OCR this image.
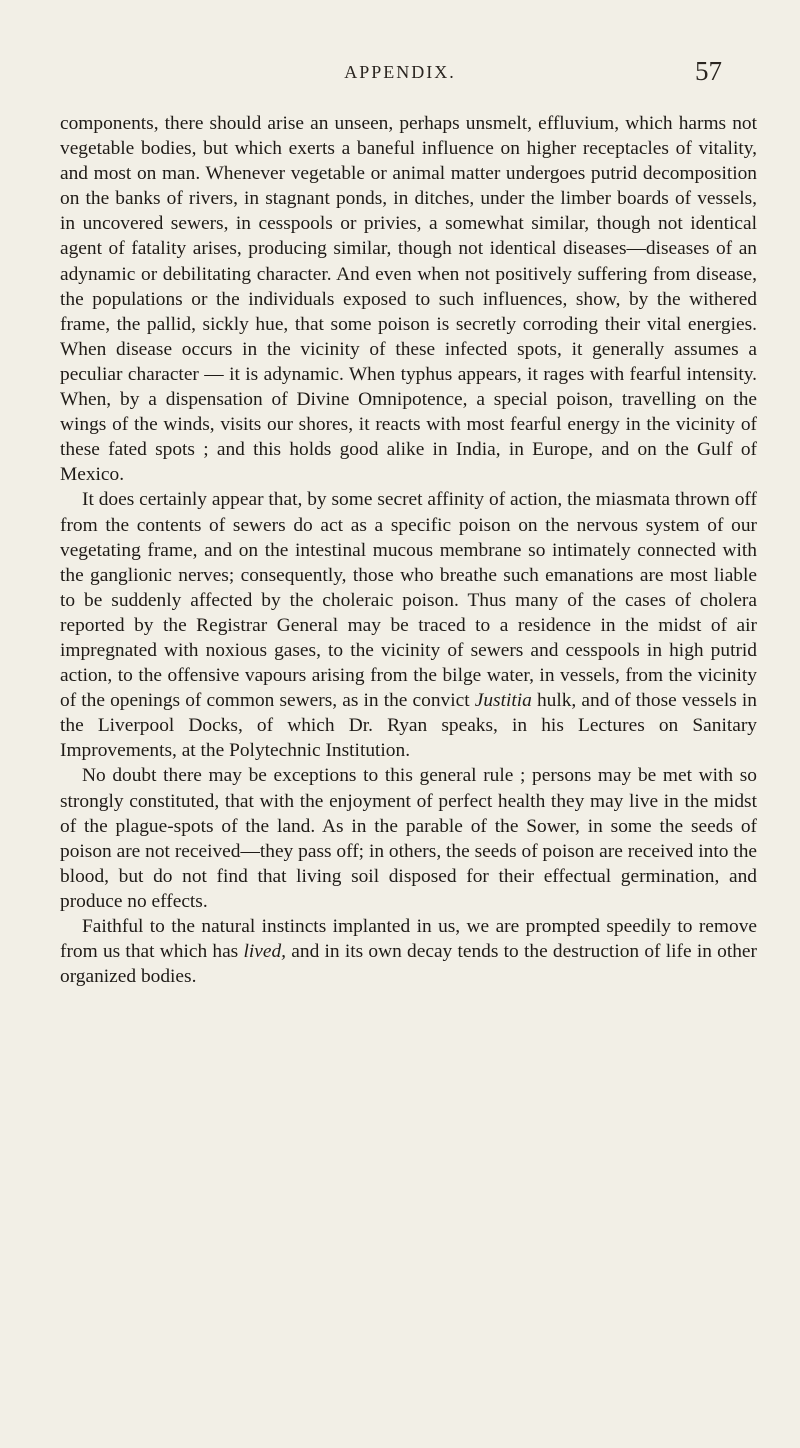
APPENDIX.	57

components, there should arise an unseen, perhaps unsmelt, effluvium, which harms not vegetable bodies, but which exerts a baneful influence on higher receptacles of vitality, and most on man. Whenever vegetable or animal matter undergoes putrid decomposition on the banks of rivers, in stagnant ponds, in ditches, under the limber boards of vessels, in uncovered sewers, in cesspools or privies, a somewhat similar, though not identical agent of fatality arises, producing similar, though not identical diseases—diseases of an adynamic or debilitating character. And even when not positively suffering from disease, the populations or the individuals exposed to such influences, show, by the withered frame, the pallid, sickly hue, that some poison is secretly corroding their vital energies. When disease occurs in the vicinity of these infected spots, it generally assumes a peculiar character — it is adynamic. When typhus appears, it rages with fearful intensity. When, by a dispensation of Divine Omnipotence, a special poison, travelling on the wings of the winds, visits our shores, it reacts with most fearful energy in the vicinity of these fated spots ; and this holds good alike in India, in Europe, and on the Gulf of Mexico.

It does certainly appear that, by some secret affinity of action, the miasmata thrown off from the contents of sewers do act as a specific poison on the nervous system of our vegetating frame, and on the intestinal mucous membrane so intimately connected with the ganglionic nerves; consequently, those who breathe such emanations are most liable to be suddenly affected by the choleraic poison. Thus many of the cases of cholera reported by the Registrar General may be traced to a residence in the midst of air impregnated with noxious gases, to the vicinity of sewers and cesspools in high putrid action, to the offensive vapours arising from the bilge water, in vessels, from the vicinity of the openings of common sewers, as in the convict Justitia hulk, and of those vessels in the Liverpool Docks, of which Dr. Ryan speaks, in his Lectures on Sanitary Improvements, at the Polytechnic Institution.

No doubt there may be exceptions to this general rule ; persons may be met with so strongly constituted, that with the enjoyment of perfect health they may live in the midst of the plague-spots of the land. As in the parable of the Sower, in some the seeds of poison are not received—they pass off; in others, the seeds of poison are received into the blood, but do not find that living soil disposed for their effectual germination, and produce no effects.

Faithful to the natural instincts implanted in us, we are prompted speedily to remove from us that which has lived, and in its own decay tends to the destruction of life in other organized bodies.
